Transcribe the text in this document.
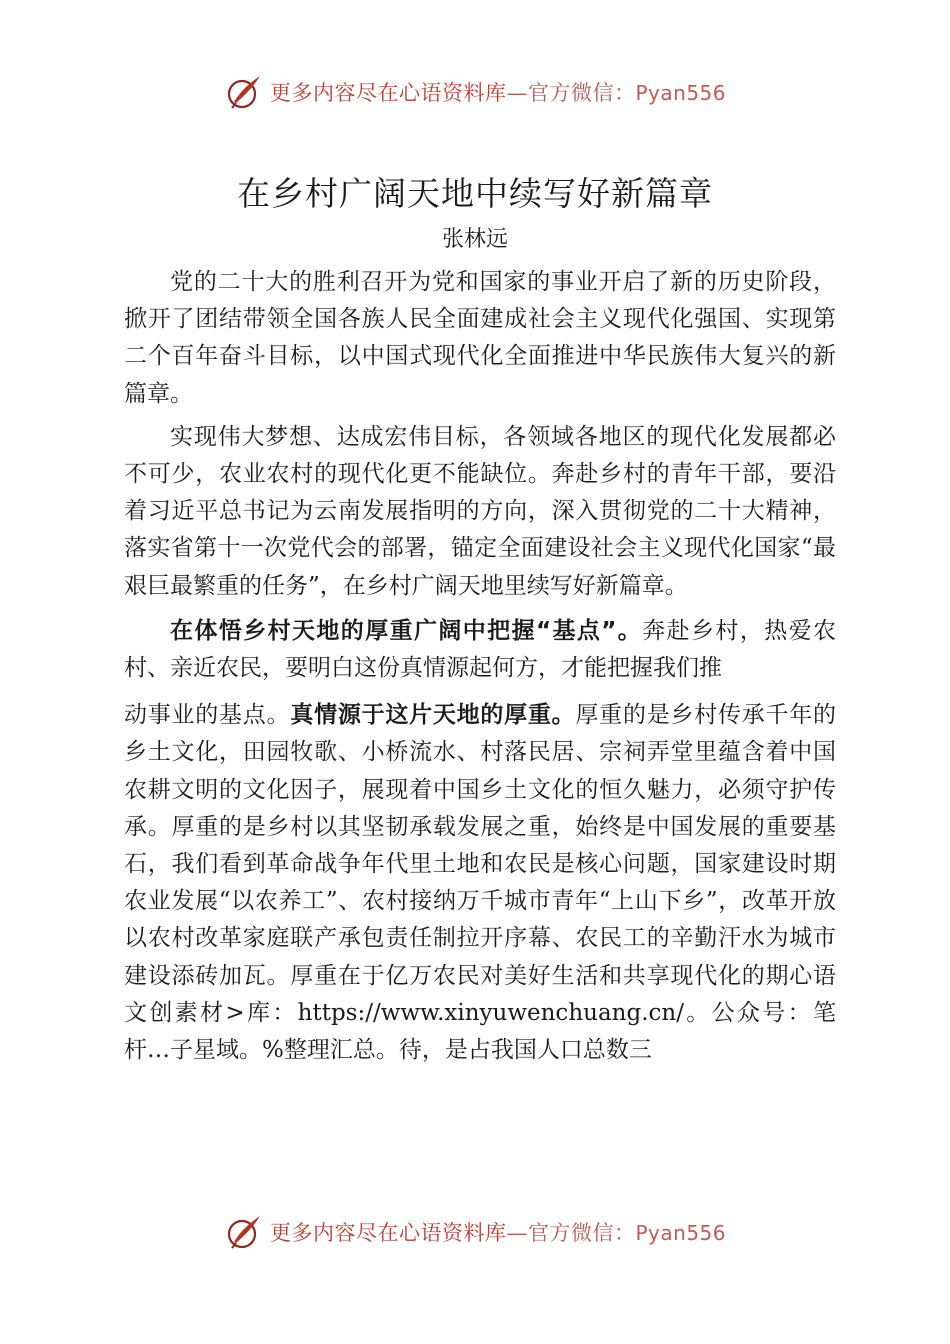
更多内容尽在心语资料库—官方微信：Pyan556
在乡村广阔天地中续写好新篇章
张林远

党的二十大的胜利召开为党和国家的事业开启了新的历史阶段，掀开了团结带领全国各族人民全面建成社会主义现代化强国、实现第二个百年奋斗目标，以中国式现代化全面推进中华民族伟大复兴的新篇章。

实现伟大梦想、达成宏伟目标，各领域各地区的现代化发展都必不可少，农业农村的现代化更不能缺位。奔赴乡村的青年干部，要沿着习近平总书记为云南发展指明的方向，深入贯彻党的二十大精神，落实省第十一次党代会的部署，锚定全面建设社会主义现代化国家“最艰巨最繁重的任务”，在乡村广阔天地里续写好新篇章。

在体悟乡村天地的厚重广阔中把握“基点”。奔赴乡村，热爱农村、亲近农民，要明白这份真情源起何方，才能把握我们推

动事业的基点。真情源于这片天地的厚重。厚重的是乡村传承千年的乡土文化，田园牧歌、小桥流水、村落民居、宗祠弄堂里蕴含着中国农耕文明的文化因子，展现着中国乡土文化的恒久魅力，必须守护传承。厚重的是乡村以其坚韧承载发展之重，始终是中国发展的重要基石，我们看到革命战争年代里土地和农民是核心问题，国家建设时期农业发展“以农养工”、农村接纳万千城市青年“上山下乡”，改革开放以农村改革家庭联产承包责任制拉开序幕、农民工的辛勤汗水为城市建设添砖加瓦。厚重在于亿万农民对美好生活和共享现代化的期心语文创素材>库：https://www.xinyuwenchuang.cn/。公众号：笔杆…子星域。%整理汇总。待，是占我国人口总数三

更多内容尽在心语资料库—官方微信：Pyan556
